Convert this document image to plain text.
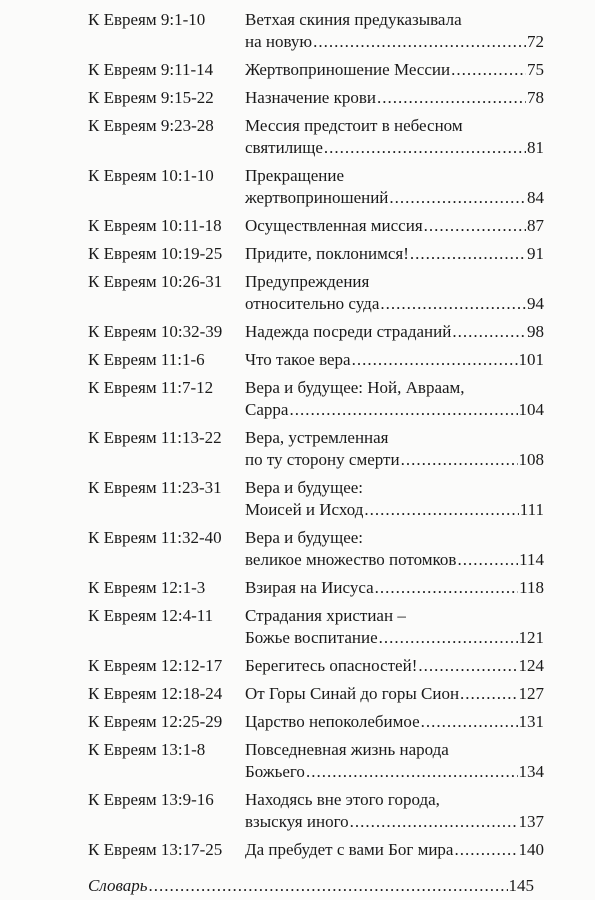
К Евреям 9:1-10	Ветхая скиния предуказывала
на новую .....	72
К Евреям 9:11-14	Жертвоприношение Мессии .....	75
К Евреям 9:15-22	Назначение крови .....	78
К Евреям 9:23-28	Мессия предстоит в небесном
святилище .....	81
К Евреям 10:1-10	Прекращение
жертвоприношений .....	84
К Евреям 10:11-18	Осуществленная миссия .....	87
К Евреям 10:19-25	Придите, поклонимся! .....	91
К Евреям 10:26-31	Предупреждения
относительно суда .....	94
К Евреям 10:32-39	Надежда посреди страданий .....	98
К Евреям 11:1-6	Что такое вера .....	101
К Евреям 11:7-12	Вера и будущее: Ной, Авраам,
Сарра .....	104
К Евреям 11:13-22	Вера, устремленная
по ту сторону смерти .....	108
К Евреям 11:23-31	Вера и будущее:
Моисей и Исход .....	111
К Евреям 11:32-40	Вера и будущее:
великое множество потомков .....	114
К Евреям 12:1-3	Взирая на Иисуса .....	118
К Евреям 12:4-11	Страдания христиан –
Божье воспитание .....	121
К Евреям 12:12-17	Берегитесь опасностей! .....	124
К Евреям 12:18-24	От Горы Синай до горы Сион .....	127
К Евреям 12:25-29	Царство непоколебимое .....	131
К Евреям 13:1-8	Повседневная жизнь народа
Божьего .....	134
К Евреям 13:9-16	Находясь вне этого города,
взыскуя иного .....	137
К Евреям 13:17-25	Да пребудет с вами Бог мира .....	140
Словарь .....	145
